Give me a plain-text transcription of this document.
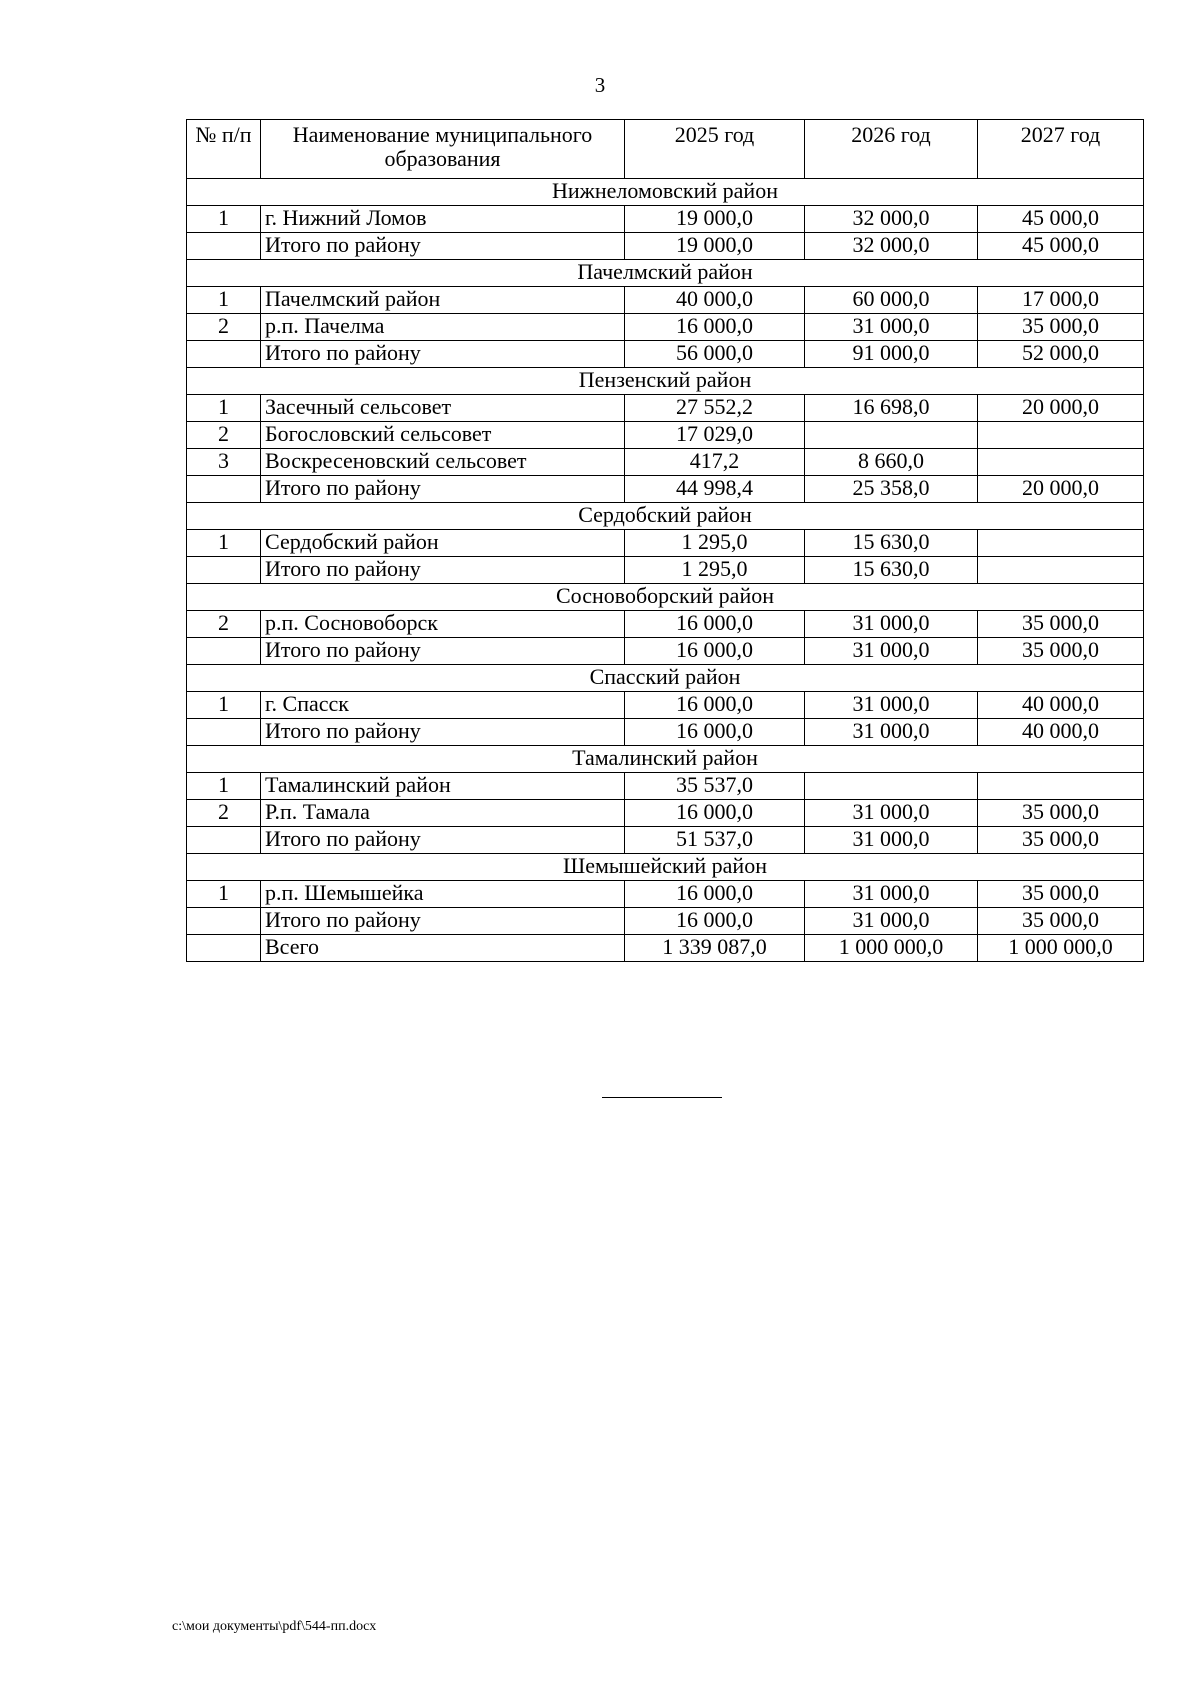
3
№ п/п	Наименование муниципального образования	2025 год	2026 год	2027 год
Нижнеломовский район				
1	г. Нижний Ломов	19 000,0	32 000,0	45 000,0
	Итого по району	19 000,0	32 000,0	45 000,0
Пачелмский район				
1	Пачелмский район	40 000,0	60 000,0	17 000,0
2	р.п. Пачелма	16 000,0	31 000,0	35 000,0
	Итого по району	56 000,0	91 000,0	52 000,0
Пензенский район				
1	Засечный сельсовет	27 552,2	16 698,0	20 000,0
2	Богословский сельсовет	17 029,0		
3	Воскресеновский сельсовет	417,2	8 660,0	
	Итого по району	44 998,4	25 358,0	20 000,0
Сердобский район				
1	Сердобский район	1 295,0	15 630,0	
	Итого по району	1 295,0	15 630,0	
Сосновоборский район				
2	р.п. Сосновоборск	16 000,0	31 000,0	35 000,0
	Итого по району	16 000,0	31 000,0	35 000,0
Спасский район				
1	г. Спасск	16 000,0	31 000,0	40 000,0
	Итого по району	16 000,0	31 000,0	40 000,0
Тамалинский район				
1	Тамалинский район	35 537,0		
2	Р.п. Тамала	16 000,0	31 000,0	35 000,0
	Итого по району	51 537,0	31 000,0	35 000,0
Шемышейский район				
1	р.п. Шемышейка	16 000,0	31 000,0	35 000,0
	Итого по району	16 000,0	31 000,0	35 000,0
	Всего	1 339 087,0	1 000 000,0	1 000 000,0
c:\мои документы\pdf\544-пп.docx
